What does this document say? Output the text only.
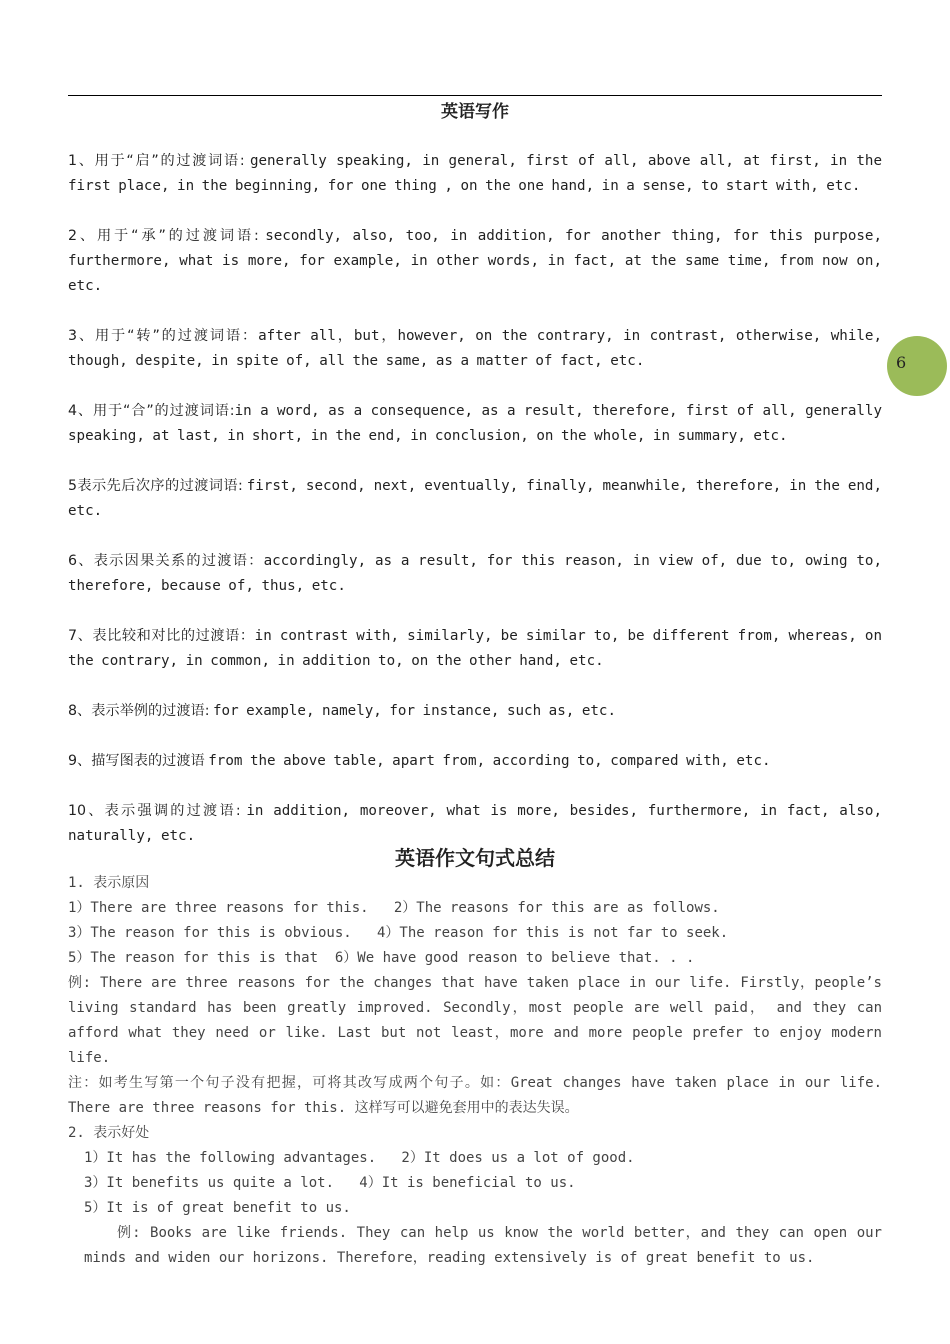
英语写作
6
1、用于“启”的过渡词语: generally speaking, in general, first of all, above all, at first, in the first place, in the beginning, for one thing , on the one hand, in a sense, to start with, etc.
2、用于“承”的过渡词语: secondly, also, too, in addition, for another thing, for this purpose, furthermore, what is more, for example, in other words, in fact, at the same time, from now on, etc.
3、用于“转”的过渡词语：after all，but，however, on the contrary, in contrast, otherwise, while, though, despite, in spite of, all the same, as a matter of fact, etc.
4、用于“合”的过渡词语:in a word, as a consequence, as a result, therefore, first of all, generally speaking, at last, in short, in the end, in conclusion, on the whole, in summary, etc.
5表示先后次序的过渡词语: first, second, next, eventually, finally, meanwhile, therefore, in the end, etc.
6、表示因果关系的过渡语：accordingly, as a result, for this reason, in view of, due to, owing to, therefore, because of, thus, etc.
7、表比较和对比的过渡语：in contrast with, similarly, be similar to, be different from, whereas, on the contrary, in common, in addition to, on the other hand, etc.
8、表示举例的过渡语: for example, namely, for instance, such as, etc.
9、描写图表的过渡语 from the above table, apart from, according to, compared with, etc.
10、表示强调的过渡语: in addition, moreover, what is more, besides, furthermore, in fact, also, naturally, etc.
英语作文句式总结
1. 表示原因
1）There are three reasons for this.   2）The reasons for this are as follows.
3）The reason for this is obvious.   4）The reason for this is not far to seek.
5）The reason for this is that  6）We have good reason to believe that. . .
例: There are three reasons for the changes that have taken place in our life. Firstly，people’s living standard has been greatly improved. Secondly，most people are well paid， and they can afford what they need or like. Last but not least，more and more people prefer to enjoy modern life.
注：如考生写第一个句子没有把握，可将其改写成两个句子。如：Great changes have taken place in our life. There are three reasons for this. 这样写可以避免套用中的表达失误。
2. 表示好处
1）It has the following advantages.   2）It does us a lot of good.
3）It benefits us quite a lot.   4）It is beneficial to us.
5）It is of great benefit to us.
例: Books are like friends. They can help us know the world better，and they can open our minds and widen our horizons. Therefore，reading extensively is of great benefit to us.
